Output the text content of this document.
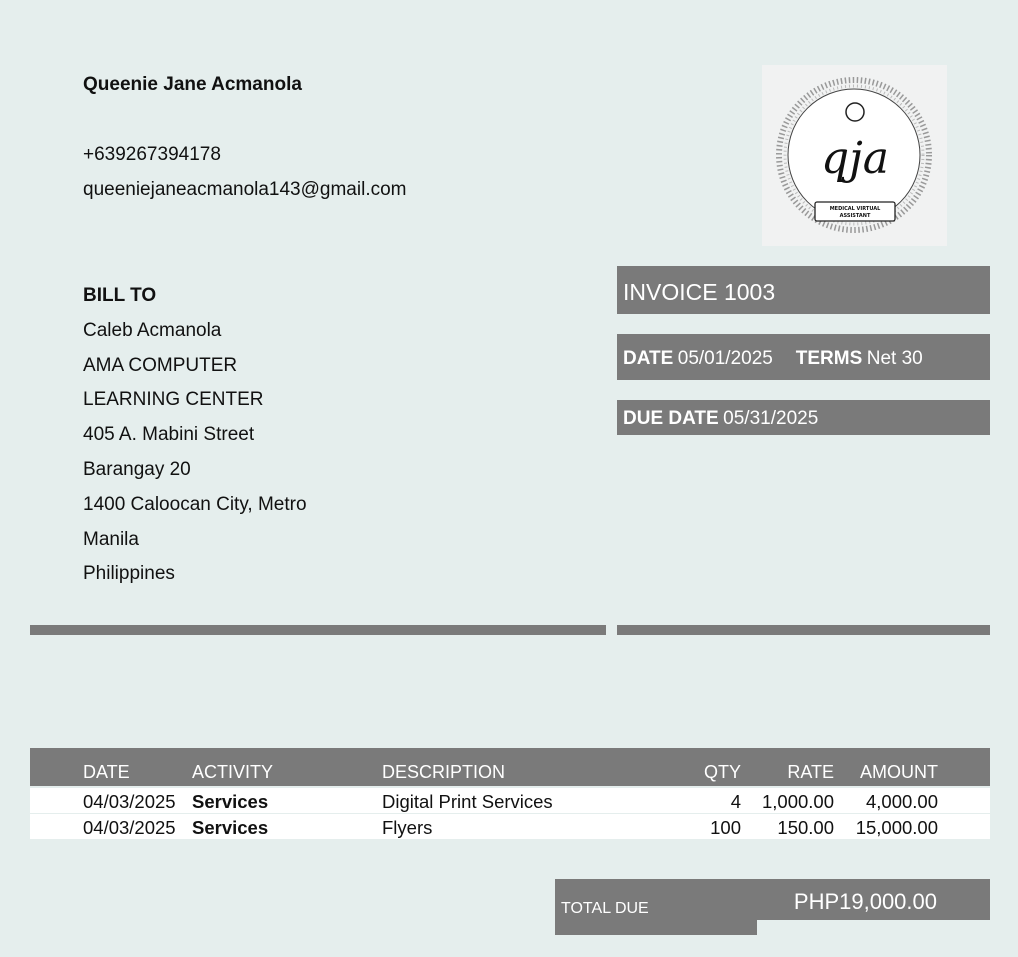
Queenie Jane Acmanola
+639267394178
queeniejaneacmanola143@gmail.com
BILL TO
Caleb Acmanola
AMA COMPUTER
LEARNING CENTER
405 A. Mabini Street
Barangay 20
1400 Caloocan City, Metro
Manila
Philippines
qja
MEDICAL VIRTUAL
ASSISTANT
INVOICE 1003
DATE 05/01/2025 TERMS Net 30
DUE DATE 05/31/2025
DATE	ACTIVITY	DESCRIPTION	QTY	RATE	AMOUNT
04/03/2025 Services	Digital Print Services	4	1,000.00	4,000.00
04/03/2025 Services	Flyers	100	150.00	15,000.00
TOTAL DUE	PHP19,000.00
